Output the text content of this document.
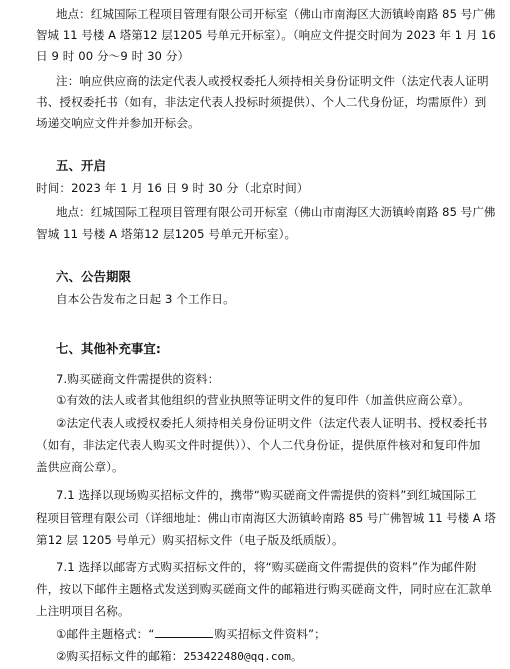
地点：红城国际工程项目管理有限公司开标室（佛山市南海区大沥镇岭南路 85 号广佛
智城 11 号楼 A 塔第12 层1205 号单元开标室）。（响应文件提交时间为 2023 年 1 月 16
日 9 时 00 分～9 时 30 分）
注：响应供应商的法定代表人或授权委托人须持相关身份证明文件（法定代表人证明
书、授权委托书（如有，非法定代表人投标时须提供）、个人二代身份证，均需原件）到
场递交响应文件并参加开标会。
五、开启
时间：2023 年 1 月 16 日 9 时 30 分（北京时间）
地点：红城国际工程项目管理有限公司开标室（佛山市南海区大沥镇岭南路 85 号广佛
智城 11 号楼 A 塔第12 层1205 号单元开标室）。
六、公告期限
自本公告发布之日起 3 个工作日。
七、其他补充事宜:
7.购买磋商文件需提供的资料：
①有效的法人或者其他组织的营业执照等证明文件的复印件（加盖供应商公章）。
②法定代表人或授权委托人须持相关身份证明文件（法定代表人证明书、授权委托书
（如有，非法定代表人购买文件时提供））、个人二代身份证，提供原件核对和复印件加
盖供应商公章）。
7.1 选择以现场购买招标文件的，携带“购买磋商文件需提供的资料”到红城国际工
程项目管理有限公司（详细地址：佛山市南海区大沥镇岭南路 85 号广佛智城 11 号楼 A 塔
第12 层 1205 号单元）购买招标文件（电子版及纸质版）。
7.1 选择以邮寄方式购买招标文件的，将“购买磋商文件需提供的资料”作为邮件附
件，按以下邮件主题格式发送到购买磋商文件的邮箱进行购买磋商文件，同时应在汇款单
上注明项目名称。
①邮件主题格式：“	购买招标文件资料”；
②购买招标文件的邮箱：253422480@qq.com。
